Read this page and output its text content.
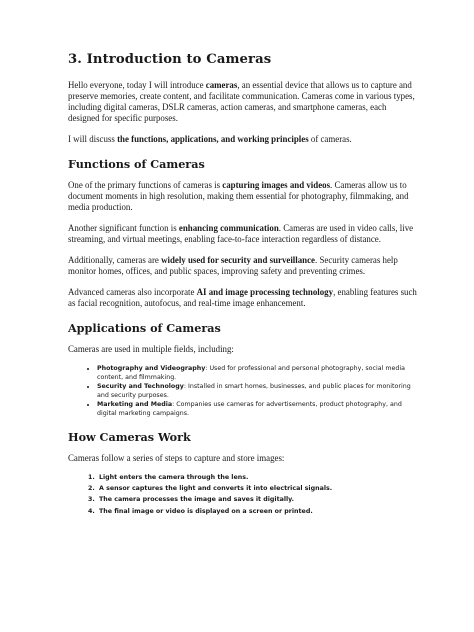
3. Introduction to Cameras

Hello everyone, today I will introduce cameras, an essential device that allows us to capture and preserve memories, create content, and facilitate communication. Cameras come in various types, including digital cameras, DSLR cameras, action cameras, and smartphone cameras, each designed for specific purposes.

I will discuss the functions, applications, and working principles of cameras.

Functions of Cameras

One of the primary functions of cameras is capturing images and videos. Cameras allow us to document moments in high resolution, making them essential for photography, filmmaking, and media production.

Another significant function is enhancing communication. Cameras are used in video calls, live streaming, and virtual meetings, enabling face-to-face interaction regardless of distance.

Additionally, cameras are widely used for security and surveillance. Security cameras help monitor homes, offices, and public spaces, improving safety and preventing crimes.

Advanced cameras also incorporate AI and image processing technology, enabling features such as facial recognition, autofocus, and real-time image enhancement.

Applications of Cameras

Cameras are used in multiple fields, including:

• Photography and Videography: Used for professional and personal photography, social media content, and filmmaking.
• Security and Technology: Installed in smart homes, businesses, and public places for monitoring and security purposes.
• Marketing and Media: Companies use cameras for advertisements, product photography, and digital marketing campaigns.
How Cameras Work

Cameras follow a series of steps to capture and store images:

1. Light enters the camera through the lens.
2. A sensor captures the light and converts it into electrical signals.
3. The camera processes the image and saves it digitally.
4. The final image or video is displayed on a screen or printed.
